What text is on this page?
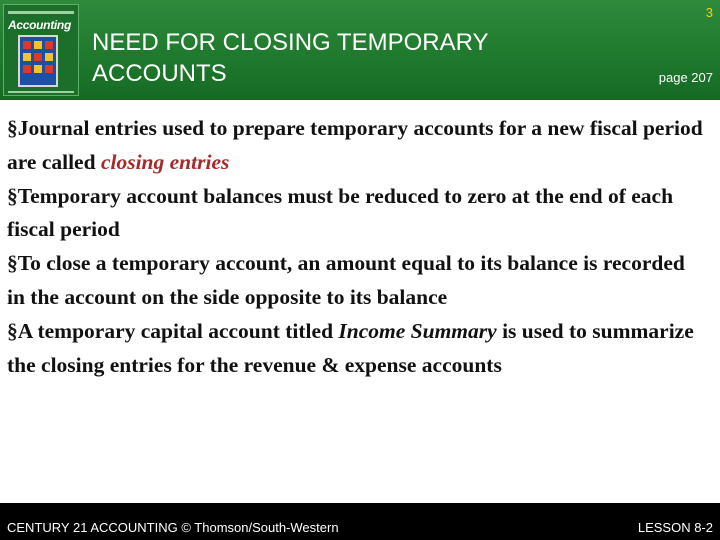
Accounting
NEED FOR CLOSING TEMPORARY
ACCOUNTS
3
page 207
§Journal entries used to prepare temporary accounts for a new fiscal period are called closing entries
§Temporary account balances must be reduced to zero at the end of each fiscal period
§To close a temporary account, an amount equal to its balance is recorded in the account on the side opposite to its balance
§A temporary capital account titled Income Summary is used to summarize the closing entries for the revenue & expense accounts
CENTURY 21 ACCOUNTING © Thomson/South-Western	LESSON 8-2
